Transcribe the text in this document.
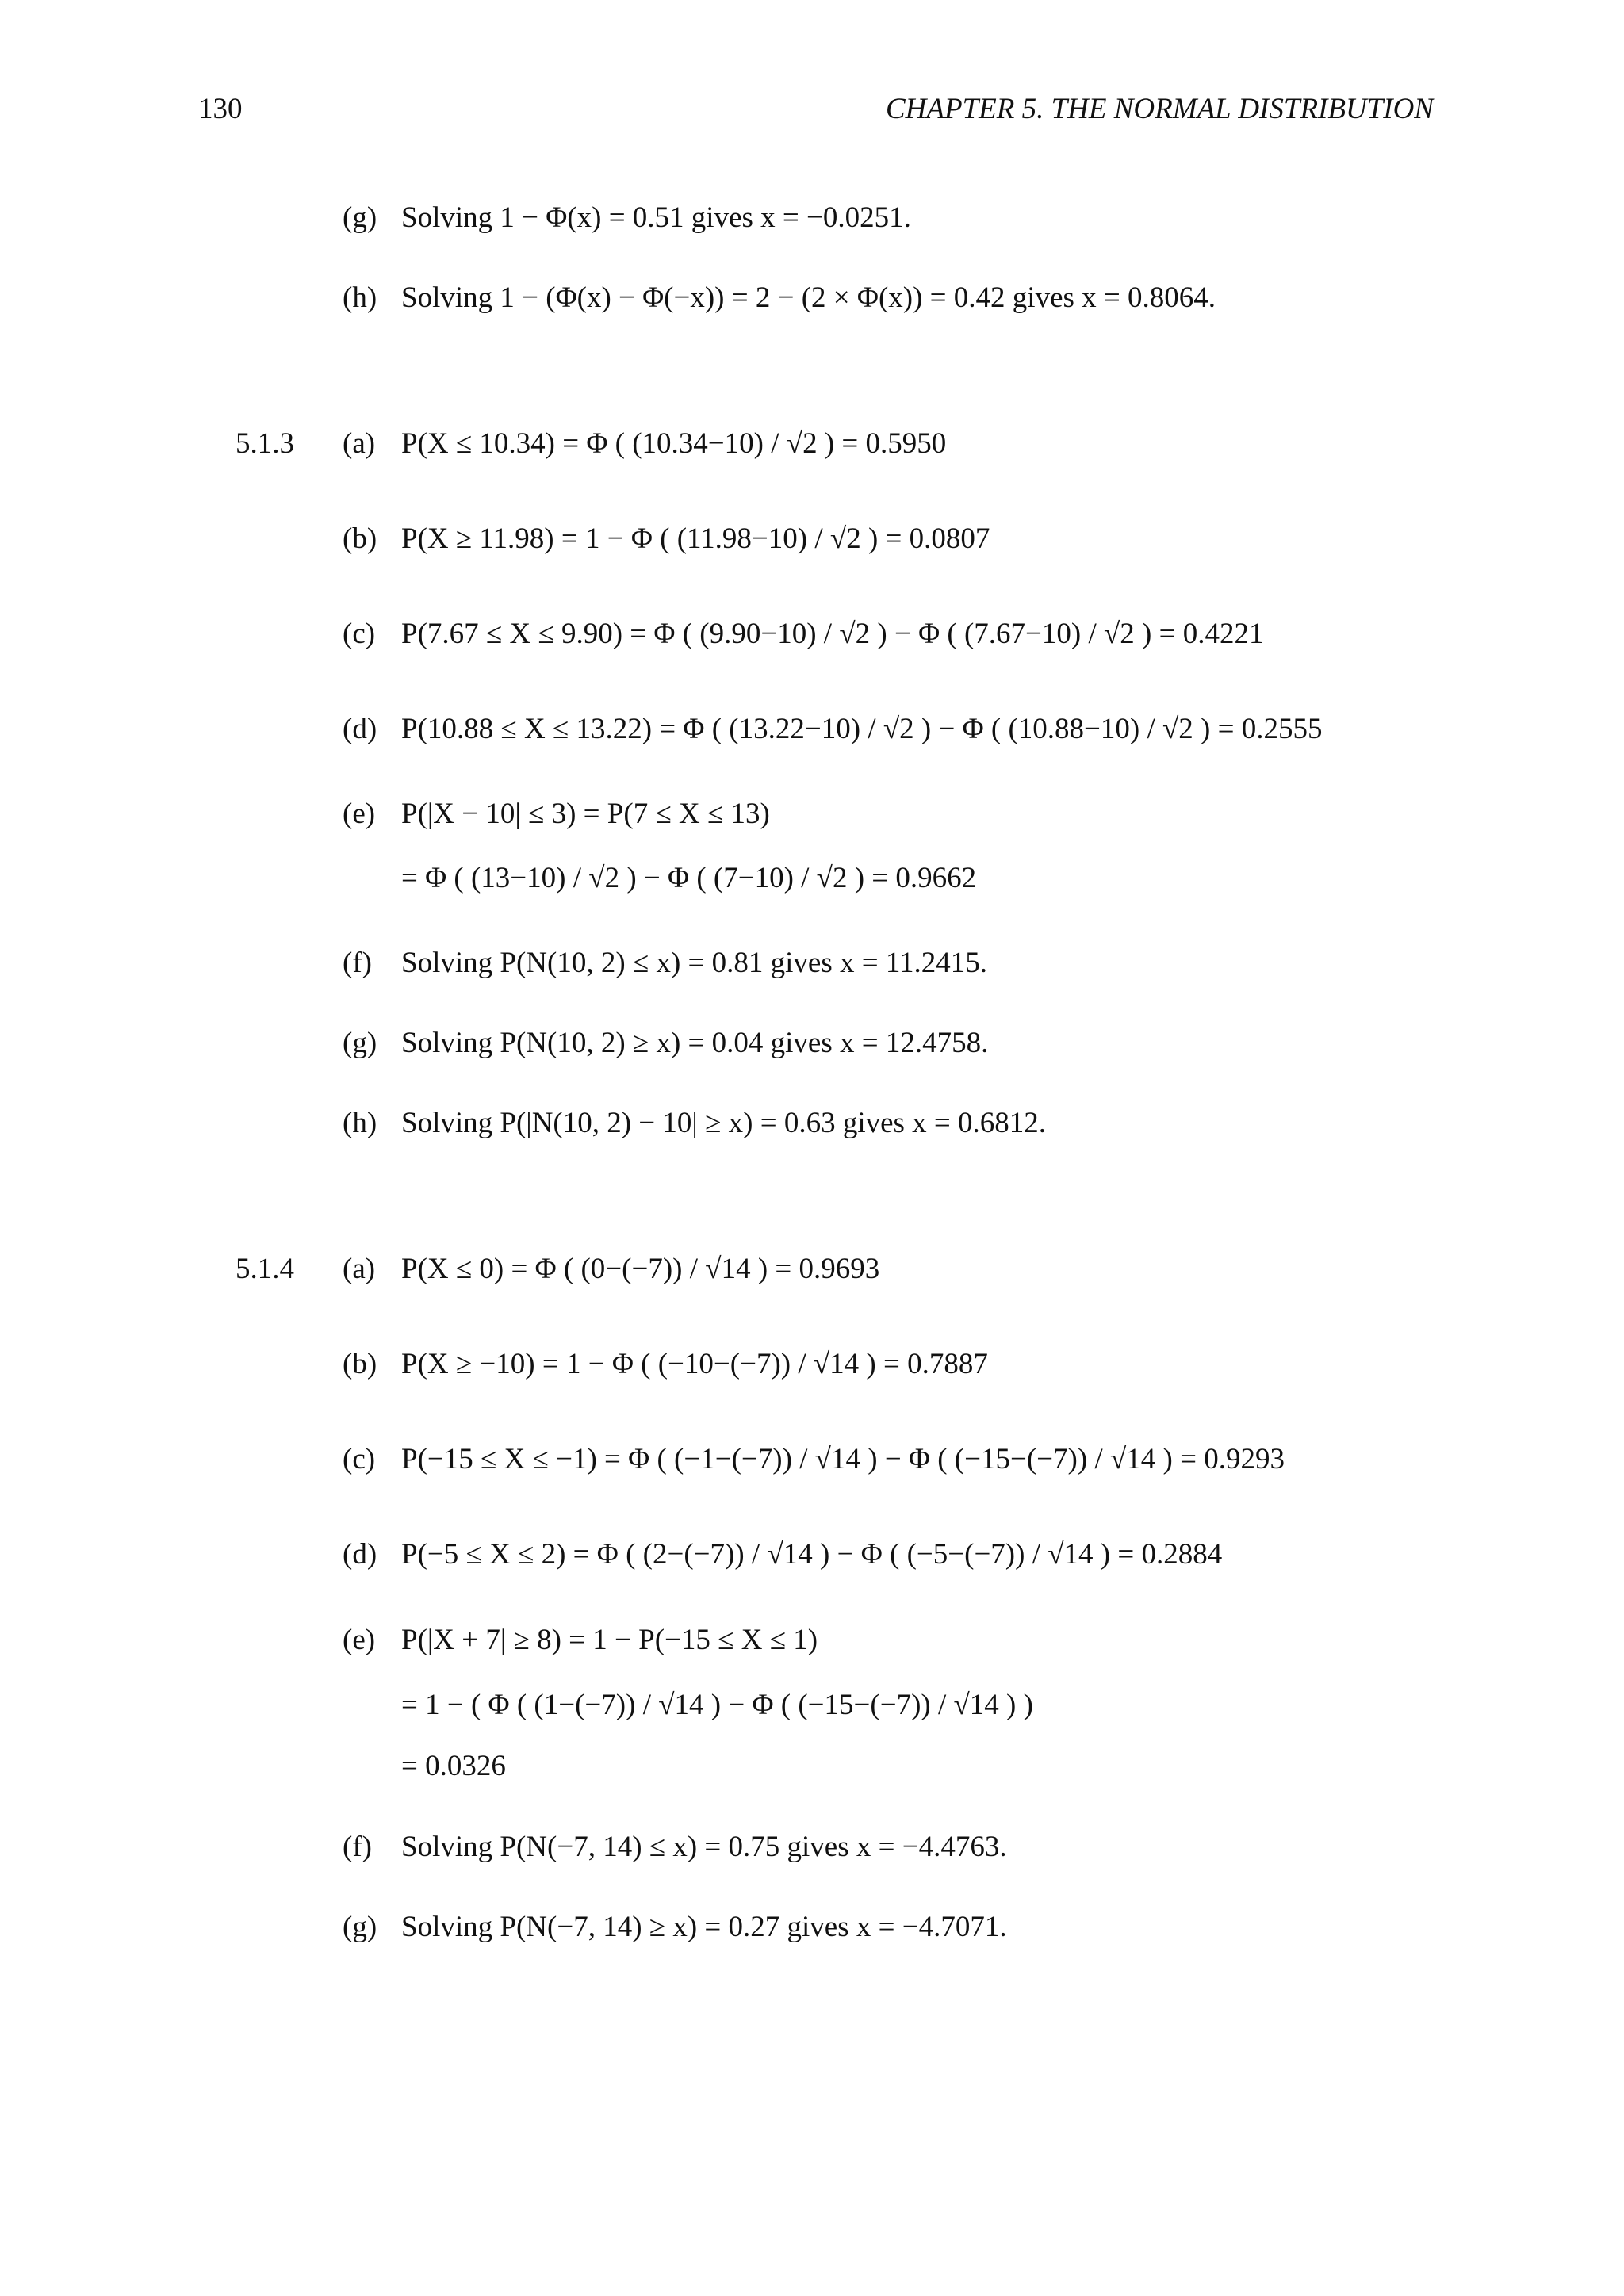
130	CHAPTER 5. THE NORMAL DISTRIBUTION
(g) Solving 1 − Φ(x) = 0.51 gives x = −0.0251.
(h) Solving 1 − (Φ(x) − Φ(−x)) = 2 − (2 × Φ(x)) = 0.42 gives x = 0.8064.
5.1.3 (a) P(X ≤ 10.34) = Φ ( (10.34−10) / √2 ) = 0.5950
(b) P(X ≥ 11.98) = 1 − Φ ( (11.98−10) / √2 ) = 0.0807
(c) P(7.67 ≤ X ≤ 9.90) = Φ ( (9.90−10) / √2 ) − Φ ( (7.67−10) / √2 ) = 0.4221
(d) P(10.88 ≤ X ≤ 13.22) = Φ ( (13.22−10) / √2 ) − Φ ( (10.88−10) / √2 ) = 0.2555
(e) P(|X − 10| ≤ 3) = P(7 ≤ X ≤ 13)
= Φ ( (13−10) / √2 ) − Φ ( (7−10) / √2 ) = 0.9662
(f) Solving P(N(10, 2) ≤ x) = 0.81 gives x = 11.2415.
(g) Solving P(N(10, 2) ≥ x) = 0.04 gives x = 12.4758.
(h) Solving P(|N(10, 2) − 10| ≥ x) = 0.63 gives x = 0.6812.
5.1.4 (a) P(X ≤ 0) = Φ ( (0−(−7)) / √14 ) = 0.9693
(b) P(X ≥ −10) = 1 − Φ ( (−10−(−7)) / √14 ) = 0.7887
(c) P(−15 ≤ X ≤ −1) = Φ ( (−1−(−7)) / √14 ) − Φ ( (−15−(−7)) / √14 ) = 0.9293
(d) P(−5 ≤ X ≤ 2) = Φ ( (2−(−7)) / √14 ) − Φ ( (−5−(−7)) / √14 ) = 0.2884
(e) P(|X + 7| ≥ 8) = 1 − P(−15 ≤ X ≤ 1)
= 1 − ( Φ ( (1−(−7)) / √14 ) − Φ ( (−15−(−7)) / √14 ) )
= 0.0326
(f) Solving P(N(−7, 14) ≤ x) = 0.75 gives x = −4.4763.
(g) Solving P(N(−7, 14) ≥ x) = 0.27 gives x = −4.7071.
